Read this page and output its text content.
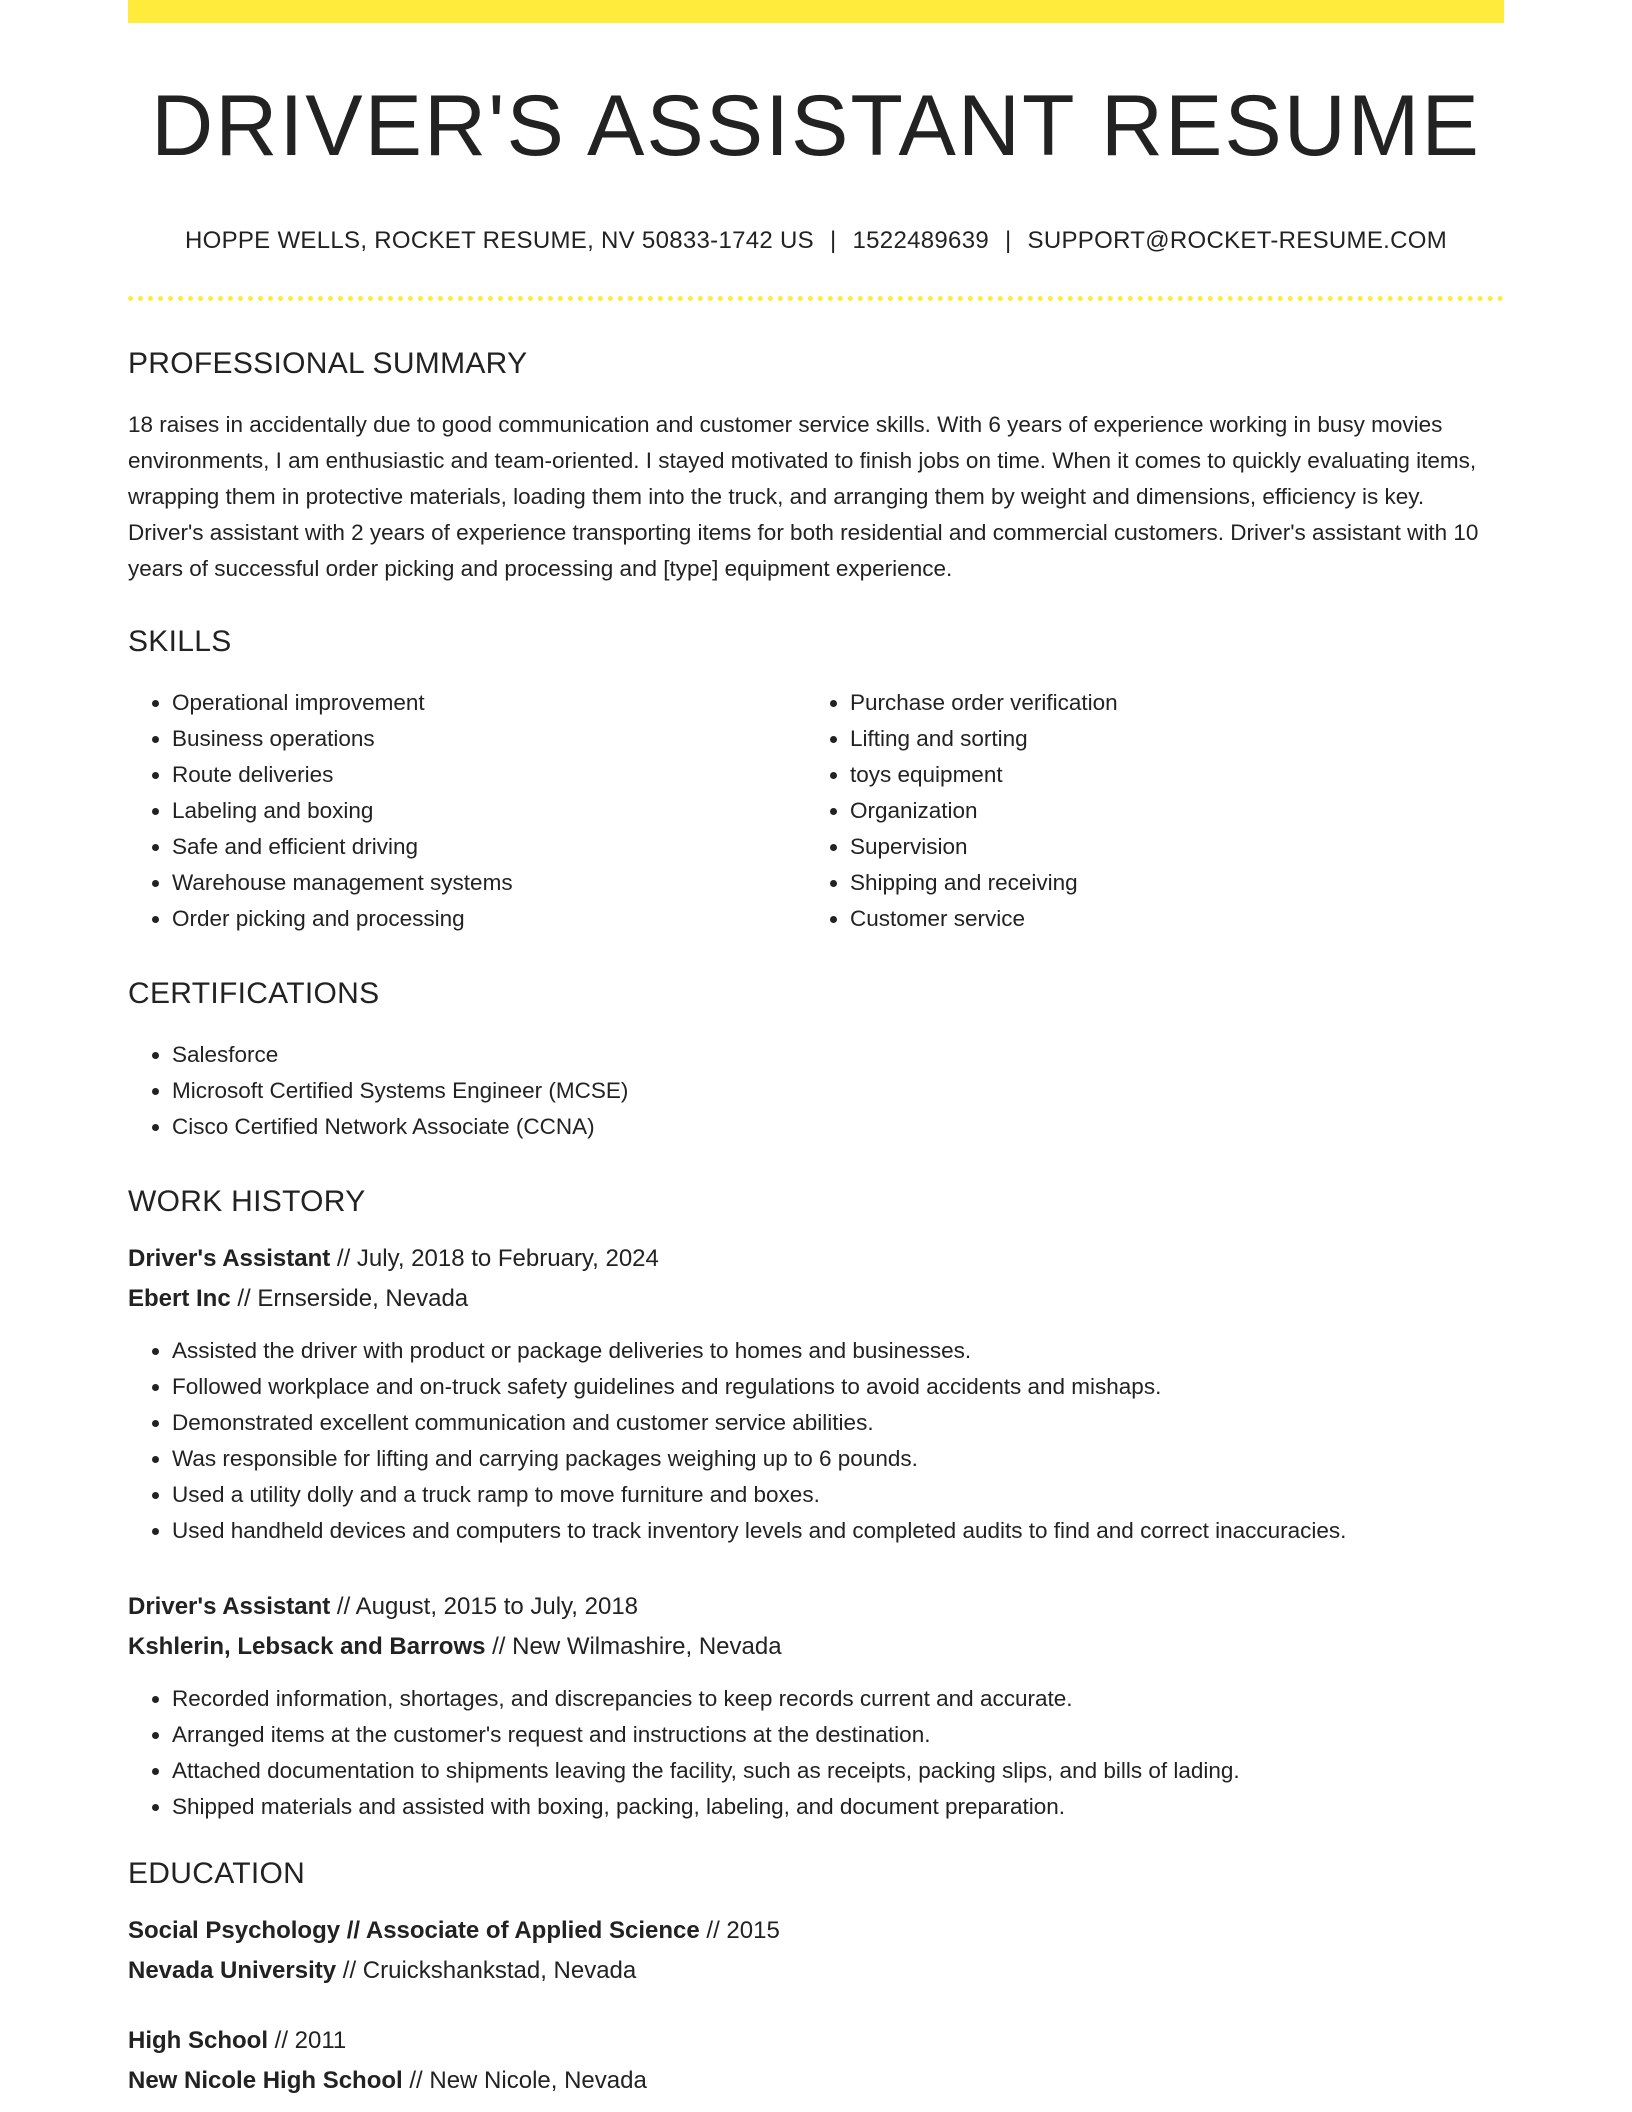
DRIVER'S ASSISTANT RESUME
HOPPE WELLS, ROCKET RESUME, NV 50833-1742 US | 1522489639 | SUPPORT@ROCKET-RESUME.COM
PROFESSIONAL SUMMARY
18 raises in accidentally due to good communication and customer service skills. With 6 years of experience working in busy movies environments, I am enthusiastic and team-oriented. I stayed motivated to finish jobs on time. When it comes to quickly evaluating items, wrapping them in protective materials, loading them into the truck, and arranging them by weight and dimensions, efficiency is key. Driver's assistant with 2 years of experience transporting items for both residential and commercial customers. Driver's assistant with 10 years of successful order picking and processing and [type] equipment experience.
SKILLS
• Operational improvement
• Business operations
• Route deliveries
• Labeling and boxing
• Safe and efficient driving
• Warehouse management systems
• Order picking and processing
• Purchase order verification
• Lifting and sorting
• toys equipment
• Organization
• Supervision
• Shipping and receiving
• Customer service
CERTIFICATIONS
• Salesforce
• Microsoft Certified Systems Engineer (MCSE)
• Cisco Certified Network Associate (CCNA)
WORK HISTORY
Driver's Assistant // July, 2018 to February, 2024
Ebert Inc // Ernserside, Nevada
• Assisted the driver with product or package deliveries to homes and businesses.
• Followed workplace and on-truck safety guidelines and regulations to avoid accidents and mishaps.
• Demonstrated excellent communication and customer service abilities.
• Was responsible for lifting and carrying packages weighing up to 6 pounds.
• Used a utility dolly and a truck ramp to move furniture and boxes.
• Used handheld devices and computers to track inventory levels and completed audits to find and correct inaccuracies.
Driver's Assistant // August, 2015 to July, 2018
Kshlerin, Lebsack and Barrows // New Wilmashire, Nevada
• Recorded information, shortages, and discrepancies to keep records current and accurate.
• Arranged items at the customer's request and instructions at the destination.
• Attached documentation to shipments leaving the facility, such as receipts, packing slips, and bills of lading.
• Shipped materials and assisted with boxing, packing, labeling, and document preparation.
EDUCATION
Social Psychology // Associate of Applied Science // 2015
Nevada University // Cruickshankstad, Nevada
High School // 2011
New Nicole High School // New Nicole, Nevada
